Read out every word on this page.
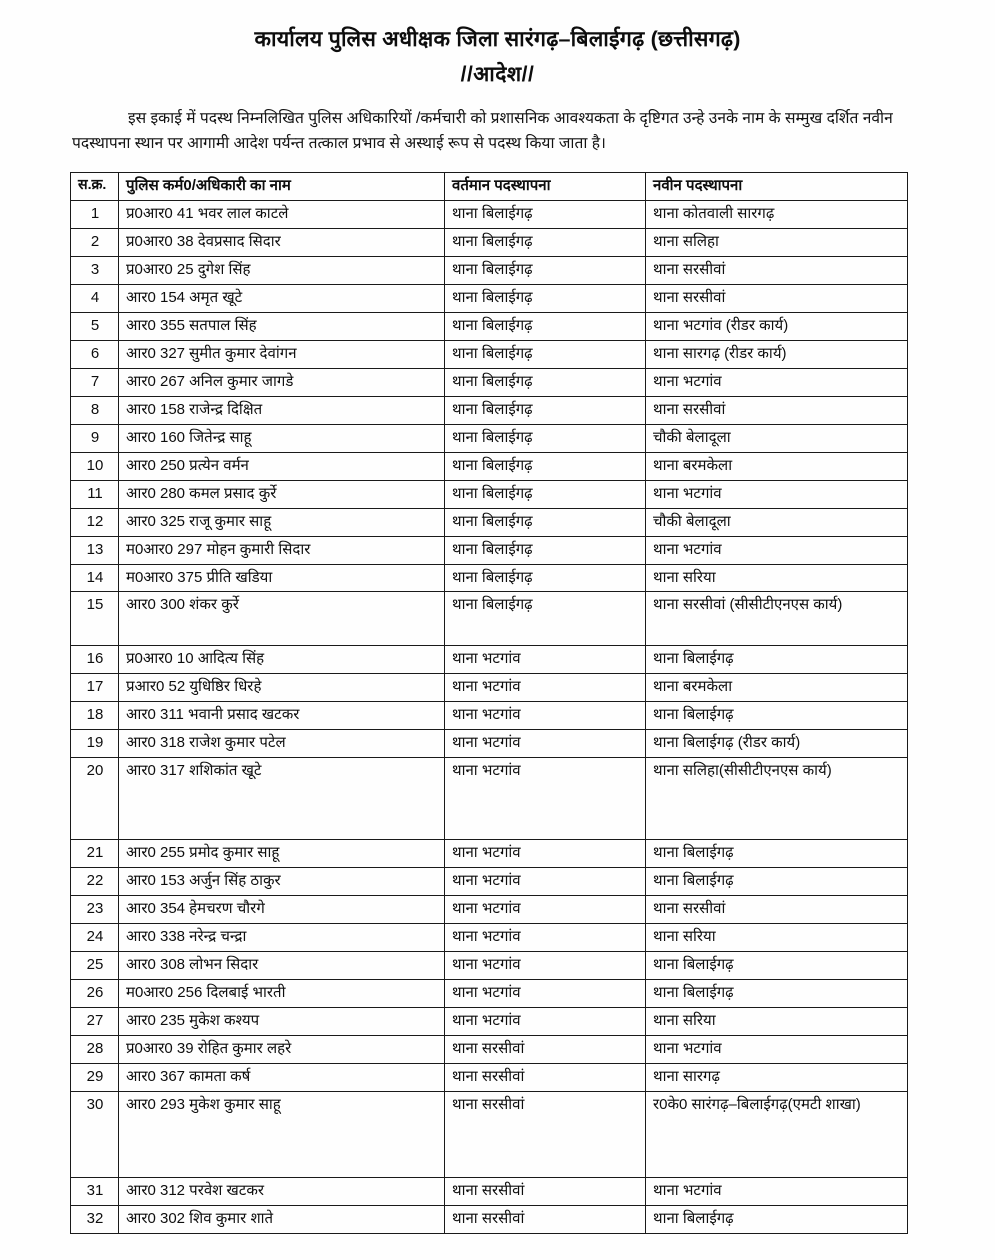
कार्यालय पुलिस अधीक्षक जिला सारंगढ़–बिलाईगढ़ (छत्तीसगढ़)
//आदेश//

इस इकाई में पदस्थ निम्नलिखित पुलिस अधिकारियों /कर्मचारी को प्रशासनिक आवश्यकता के दृष्टिगत उन्हे उनके नाम के सम्मुख दर्शित नवीन पदस्थापना स्थान पर आगामी आदेश पर्यन्त तत्काल प्रभाव से अस्थाई रूप से पदस्थ किया जाता है।

स.क्र.	पुलिस कर्म0/अधिकारी का नाम	वर्तमान पदस्थापना	नवीन पदस्थापना
1	प्र0आर0 41 भवर लाल काटले	थाना बिलाईगढ़	थाना कोतवाली सारगढ़
2	प्र0आर0 38 देवप्रसाद सिदार	थाना बिलाईगढ़	थाना सलिहा
3	प्र0आर0 25 दुगेश सिंह	थाना बिलाईगढ़	थाना सरसीवां
4	आर0 154 अमृत खूटे	थाना बिलाईगढ़	थाना सरसीवां
5	आर0 355 सतपाल सिंह	थाना बिलाईगढ़	थाना भटगांव (रीडर कार्य)
6	आर0 327 सुमीत कुमार देवांगन	थाना बिलाईगढ़	थाना सारगढ़ (रीडर कार्य)
7	आर0 267 अनिल कुमार जागडे	थाना बिलाईगढ़	थाना भटगांव
8	आर0 158 राजेन्द्र दिक्षित	थाना बिलाईगढ़	थाना सरसीवां
9	आर0 160 जितेन्द्र साहू	थाना बिलाईगढ़	चौकी बेलादूला
10	आर0 250 प्रत्येन वर्मन	थाना बिलाईगढ़	थाना बरमकेला
11	आर0 280 कमल प्रसाद कुर्रे	थाना बिलाईगढ़	थाना भटगांव
12	आर0 325 राजू कुमार साहू	थाना बिलाईगढ़	चौकी बेलादूला
13	म0आर0 297 मोहन कुमारी सिदार	थाना बिलाईगढ़	थाना भटगांव
14	म0आर0 375 प्रीति खडिया	थाना बिलाईगढ़	थाना सरिया
15	आर0 300 शंकर कुर्रे	थाना बिलाईगढ़	थाना सरसीवां (सीसीटीएनएस कार्य)
16	प्र0आर0 10 आदित्य सिंह	थाना भटगांव	थाना बिलाईगढ़
17	प्रआर0 52 युधिष्ठिर धिरहे	थाना भटगांव	थाना बरमकेला
18	आर0 311 भवानी प्रसाद खटकर	थाना भटगांव	थाना बिलाईगढ़
19	आर0 318 राजेश कुमार पटेल	थाना भटगांव	थाना बिलाईगढ़ (रीडर कार्य)
20	आर0 317 शशिकांत खूटे	थाना भटगांव	थाना सलिहा(सीसीटीएनएस कार्य)
21	आर0 255 प्रमोद कुमार साहू	थाना भटगांव	थाना बिलाईगढ़
22	आर0 153 अर्जुन सिंह ठाकुर	थाना भटगांव	थाना बिलाईगढ़
23	आर0 354 हेमचरण चौरगे	थाना भटगांव	थाना सरसीवां
24	आर0 338 नरेन्द्र चन्द्रा	थाना भटगांव	थाना सरिया
25	आर0 308 लोभन सिदार	थाना भटगांव	थाना बिलाईगढ़
26	म0आर0 256 दिलबाई भारती	थाना भटगांव	थाना बिलाईगढ़
27	आर0 235 मुकेश कश्यप	थाना भटगांव	थाना सरिया
28	प्र0आर0 39 रोहित कुमार लहरे	थाना सरसीवां	थाना भटगांव
29	आर0 367 कामता कर्ष	थाना सरसीवां	थाना सारगढ़
30	आर0 293 मुकेश कुमार साहू	थाना सरसीवां	र0के0 सारंगढ़–बिलाईगढ़(एमटी शाखा)
31	आर0 312 परवेश खटकर	थाना सरसीवां	थाना भटगांव
32	आर0 302 शिव कुमार शाते	थाना सरसीवां	थाना बिलाईगढ़
